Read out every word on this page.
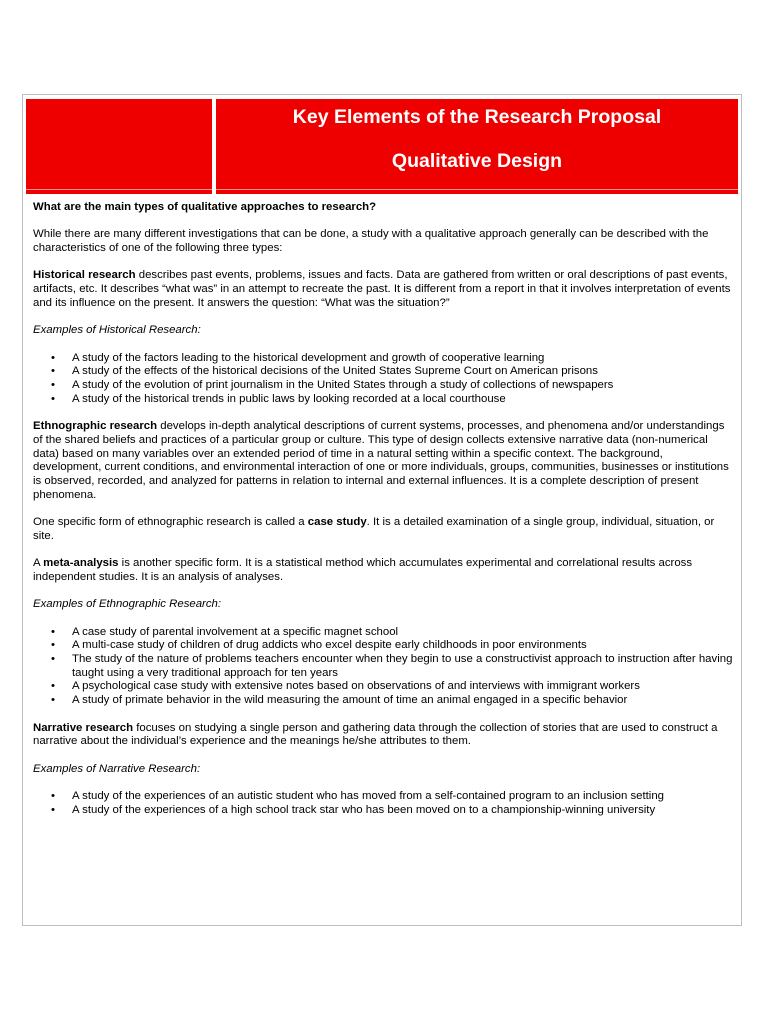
Key Elements of the Research Proposal
Qualitative Design

What are the main types of qualitative approaches to research?

While there are many different investigations that can be done, a study with a qualitative approach generally can be described with the characteristics of one of the following three types:

Historical research describes past events, problems, issues and facts. Data are gathered from written or oral descriptions of past events, artifacts, etc. It describes “what was” in an attempt to recreate the past. It is different from a report in that it involves interpretation of events and its influence on the present. It answers the question: “What was the situation?”

Examples of Historical Research:

• A study of the factors leading to the historical development and growth of cooperative learning
• A study of the effects of the historical decisions of the United States Supreme Court on American prisons
• A study of the evolution of print journalism in the United States through a study of collections of newspapers
• A study of the historical trends in public laws by looking recorded at a local courthouse

Ethnographic research develops in-depth analytical descriptions of current systems, processes, and phenomena and/or understandings of the shared beliefs and practices of a particular group or culture. This type of design collects extensive narrative data (non-numerical data) based on many variables over an extended period of time in a natural setting within a specific context. The background, development, current conditions, and environmental interaction of one or more individuals, groups, communities, businesses or institutions is observed, recorded, and analyzed for patterns in relation to internal and external influences. It is a complete description of present phenomena.

One specific form of ethnographic research is called a case study. It is a detailed examination of a single group, individual, situation, or site.

A meta-analysis is another specific form. It is a statistical method which accumulates experimental and correlational results across independent studies. It is an analysis of analyses.

Examples of Ethnographic Research:

• A case study of parental involvement at a specific magnet school
• A multi-case study of children of drug addicts who excel despite early childhoods in poor environments
• The study of the nature of problems teachers encounter when they begin to use a constructivist approach to instruction after having taught using a very traditional approach for ten years
• A psychological case study with extensive notes based on observations of and interviews with immigrant workers
• A study of primate behavior in the wild measuring the amount of time an animal engaged in a specific behavior

Narrative research focuses on studying a single person and gathering data through the collection of stories that are used to construct a narrative about the individual’s experience and the meanings he/she attributes to them.

Examples of Narrative Research:

• A study of the experiences of an autistic student who has moved from a self-contained program to an inclusion setting
• A study of the experiences of a high school track star who has been moved on to a championship-winning university
